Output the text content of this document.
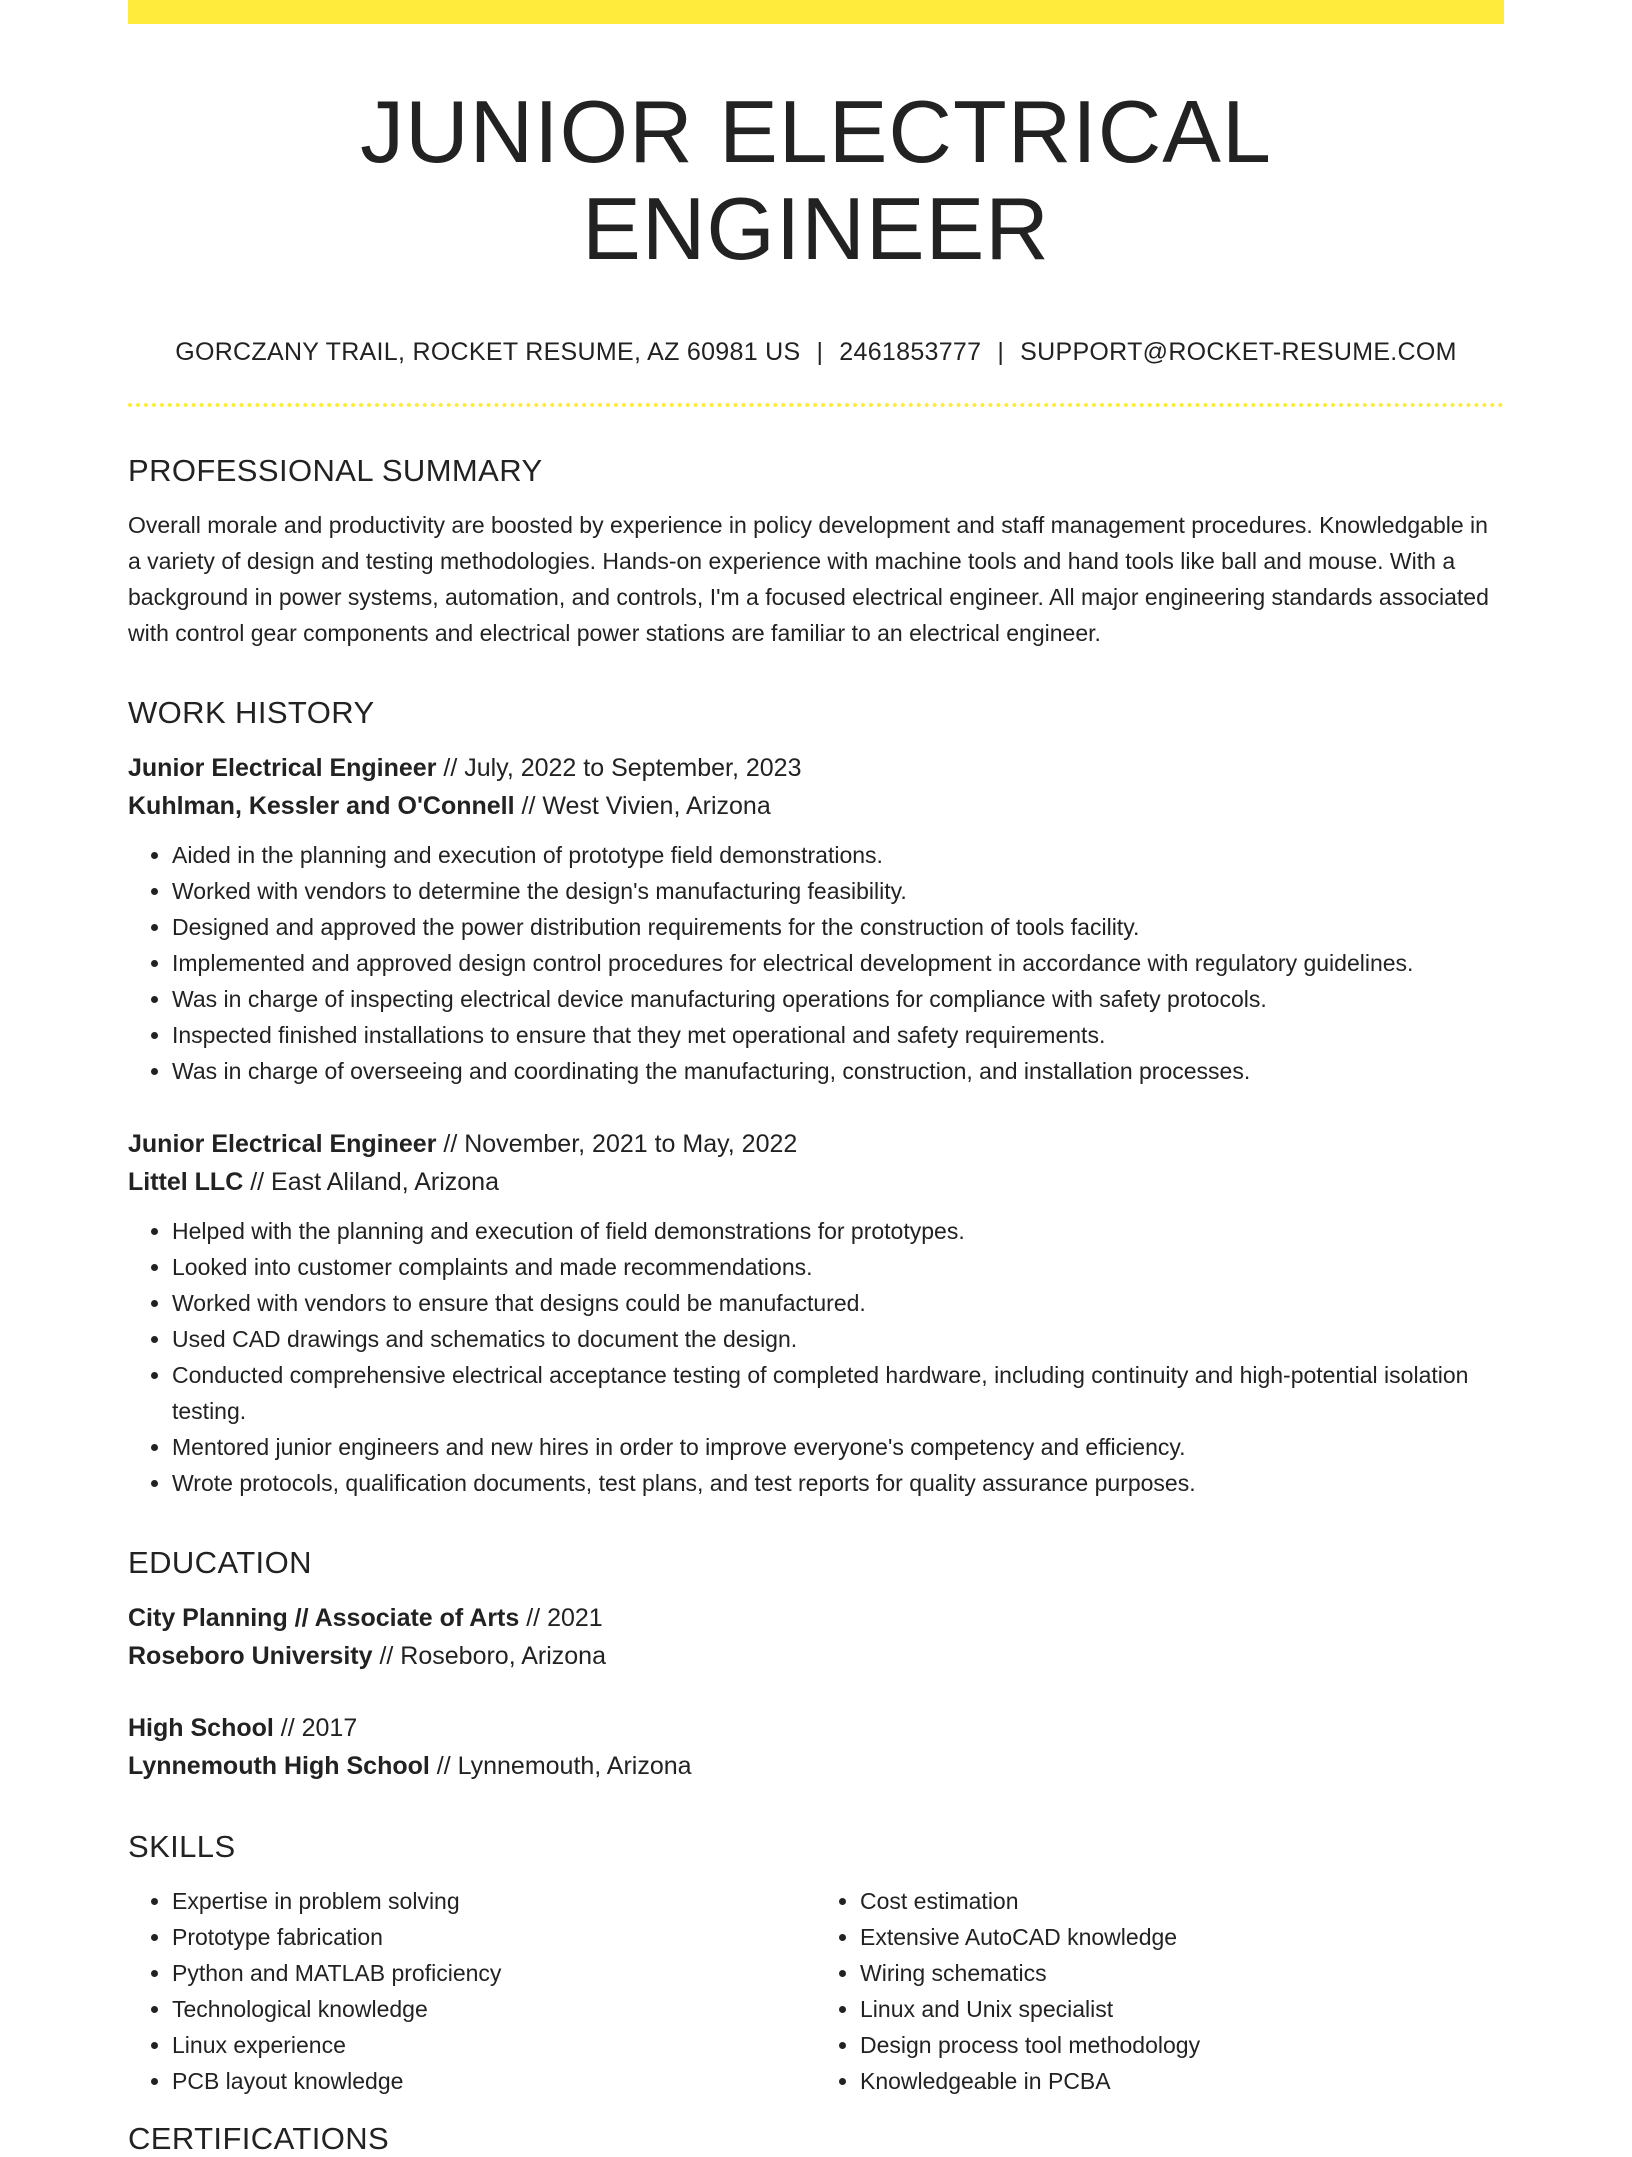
JUNIOR ELECTRICAL ENGINEER
GORCZANY TRAIL, ROCKET RESUME, AZ 60981 US | 2461853777 | SUPPORT@ROCKET-RESUME.COM
PROFESSIONAL SUMMARY

Overall morale and productivity are boosted by experience in policy development and staff management procedures. Knowledgable in a variety of design and testing methodologies. Hands-on experience with machine tools and hand tools like ball and mouse. With a background in power systems, automation, and controls, I'm a focused electrical engineer. All major engineering standards associated with control gear components and electrical power stations are familiar to an electrical engineer.

WORK HISTORY
Junior Electrical Engineer // July, 2022 to September, 2023
Kuhlman, Kessler and O'Connell // West Vivien, Arizona
• Aided in the planning and execution of prototype field demonstrations.
• Worked with vendors to determine the design's manufacturing feasibility.
• Designed and approved the power distribution requirements for the construction of tools facility.
• Implemented and approved design control procedures for electrical development in accordance with regulatory guidelines.
• Was in charge of inspecting electrical device manufacturing operations for compliance with safety protocols.
• Inspected finished installations to ensure that they met operational and safety requirements.
• Was in charge of overseeing and coordinating the manufacturing, construction, and installation processes.
Junior Electrical Engineer // November, 2021 to May, 2022
Littel LLC // East Aliland, Arizona
• Helped with the planning and execution of field demonstrations for prototypes.
• Looked into customer complaints and made recommendations.
• Worked with vendors to ensure that designs could be manufactured.
• Used CAD drawings and schematics to document the design.
• Conducted comprehensive electrical acceptance testing of completed hardware, including continuity and high-potential isolation testing.
• Mentored junior engineers and new hires in order to improve everyone's competency and efficiency.
• Wrote protocols, qualification documents, test plans, and test reports for quality assurance purposes.
EDUCATION
City Planning // Associate of Arts // 2021
Roseboro University // Roseboro, Arizona
High School // 2017
Lynnemouth High School // Lynnemouth, Arizona
SKILLS
• Expertise in problem solving
• Prototype fabrication
• Python and MATLAB proficiency
• Technological knowledge
• Linux experience
• PCB layout knowledge
• Cost estimation
• Extensive AutoCAD knowledge
• Wiring schematics
• Linux and Unix specialist
• Design process tool methodology
• Knowledgeable in PCBA
CERTIFICATIONS
